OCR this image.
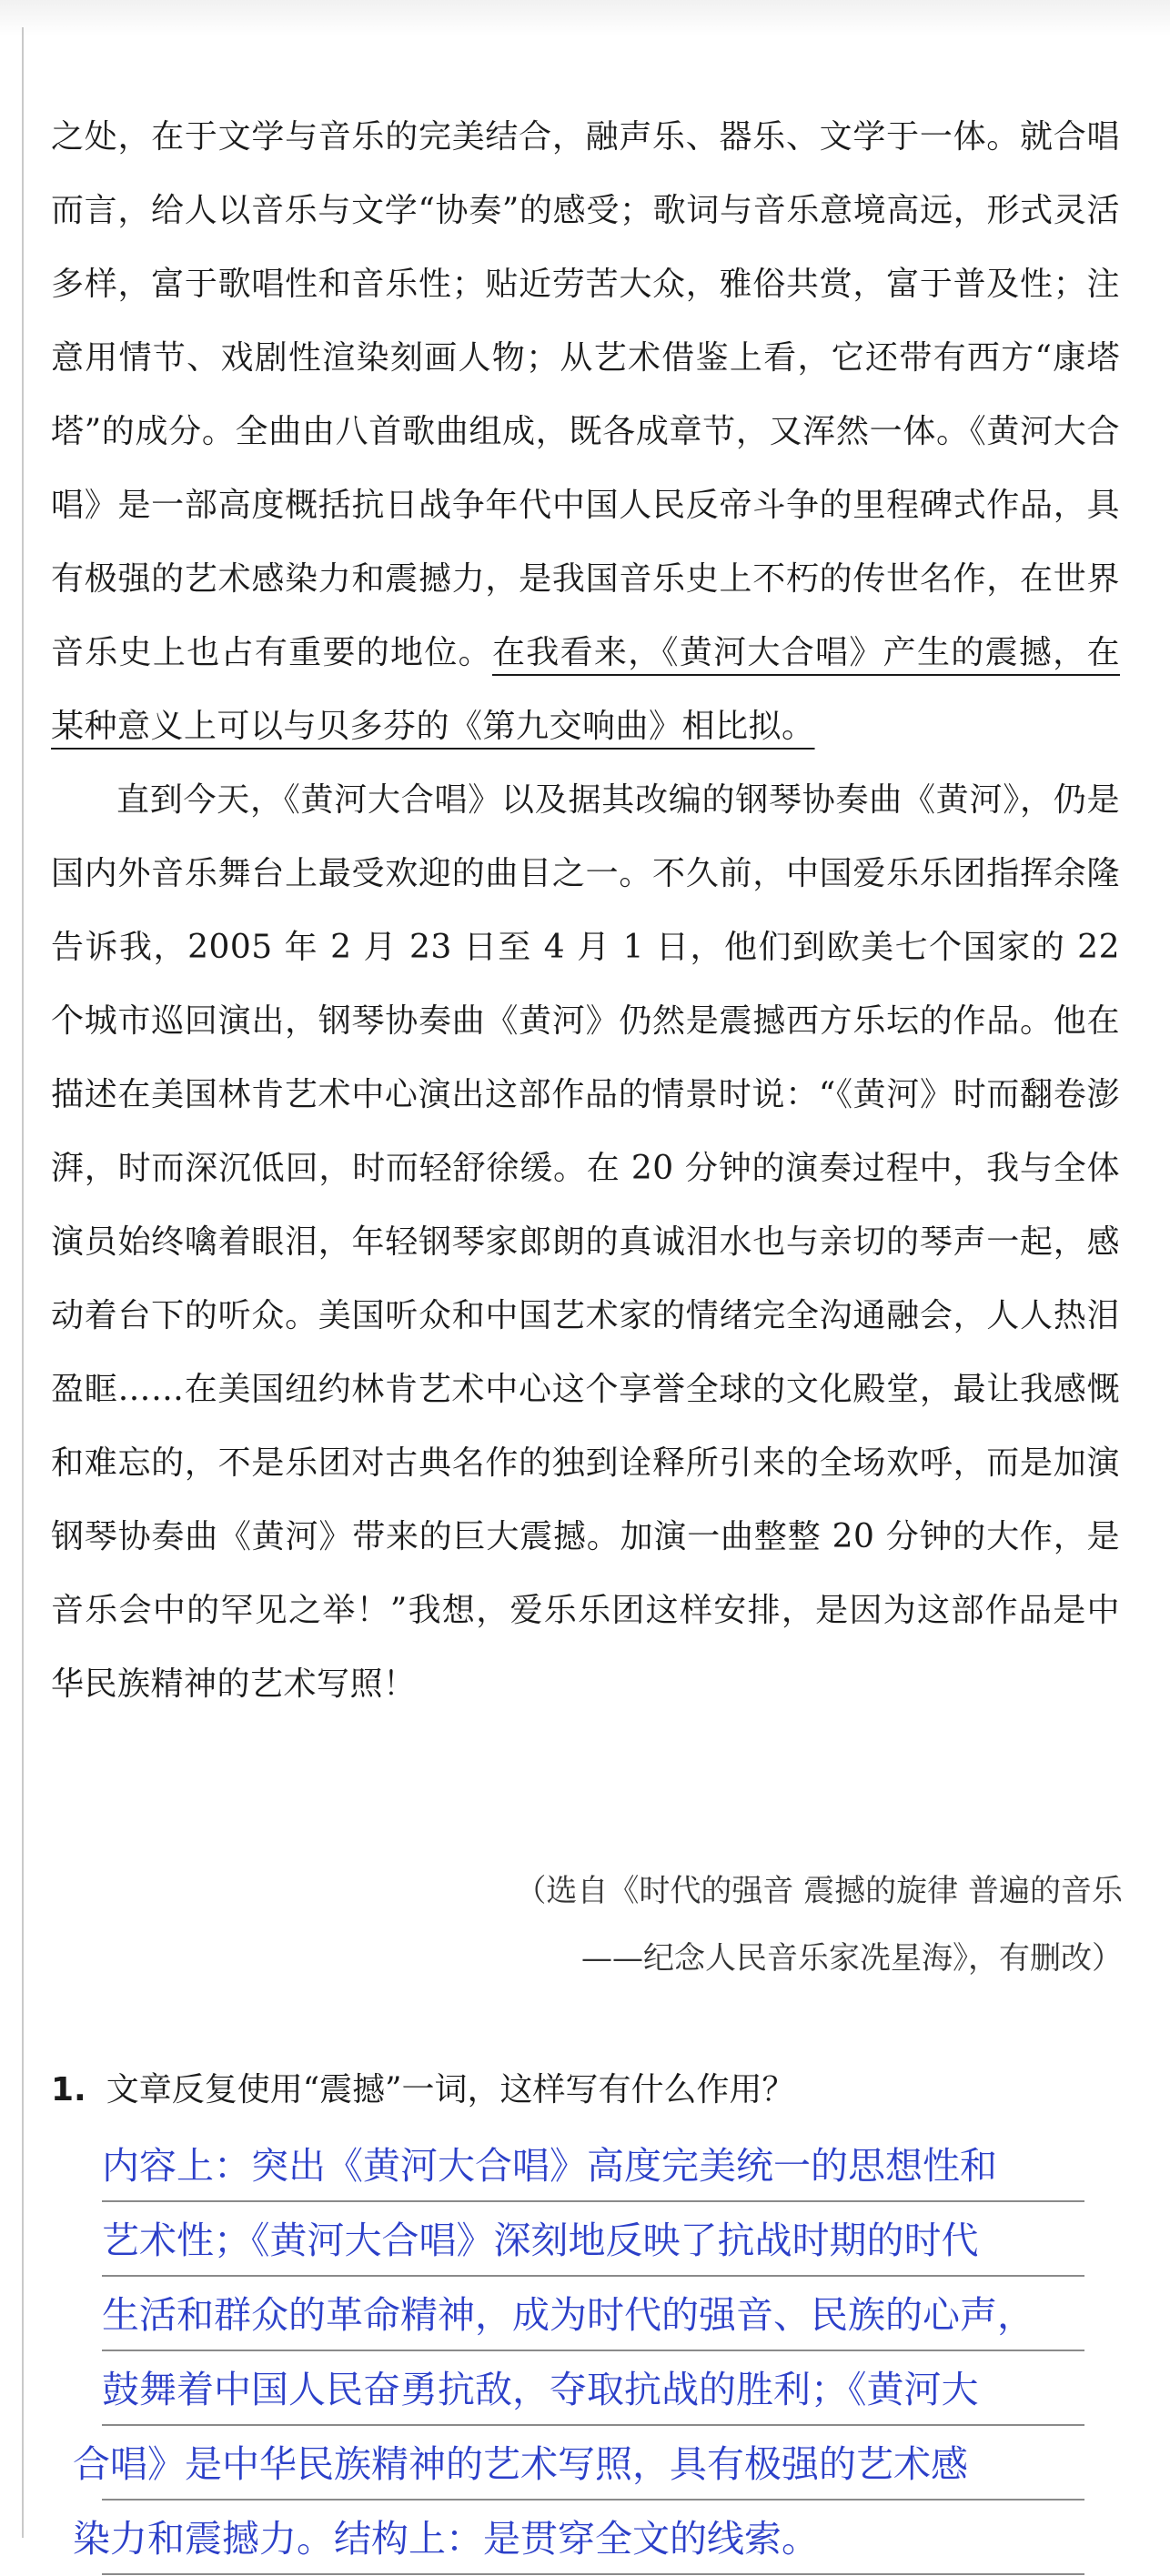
之处，在于文学与音乐的完美结合，融声乐、器乐、文学于一体。就合唱而言，给人以音乐与文学“协奏”的感受；歌词与音乐意境高远，形式灵活多样，富于歌唱性和音乐性；贴近劳苦大众，雅俗共赏，富于普及性；注意用情节、戏剧性渲染刻画人物；从艺术借鉴上看，它还带有西方“康塔塔”的成分。全曲由八首歌曲组成，既各成章节，又浑然一体。《黄河大合唱》是一部高度概括抗日战争年代中国人民反帝斗争的里程碑式作品，具有极强的艺术感染力和震撼力，是我国音乐史上不朽的传世名作，在世界音乐史上也占有重要的地位。在我看来，《黄河大合唱》产生的震撼，在某种意义上可以与贝多芬的《第九交响曲》相比拟。

直到今天，《黄河大合唱》以及据其改编的钢琴协奏曲《黄河》，仍是国内外音乐舞台上最受欢迎的曲目之一。不久前，中国爱乐乐团指挥余隆告诉我，2005 年 2 月 23 日至 4 月 1 日，他们到欧美七个国家的 22 个城市巡回演出，钢琴协奏曲《黄河》仍然是震撼西方乐坛的作品。他在描述在美国林肯艺术中心演出这部作品的情景时说：“《黄河》时而翻卷澎湃，时而深沉低回，时而轻舒徐缓。在 20 分钟的演奏过程中，我与全体演员始终噙着眼泪，年轻钢琴家郎朗的真诚泪水也与亲切的琴声一起，感动着台下的听众。美国听众和中国艺术家的情绪完全沟通融会，人人热泪盈眶……在美国纽约林肯艺术中心这个享誉全球的文化殿堂，最让我感慨和难忘的，不是乐团对古典名作的独到诠释所引来的全场欢呼，而是加演钢琴协奏曲《黄河》带来的巨大震撼。加演一曲整整 20 分钟的大作，是音乐会中的罕见之举！”我想，爱乐乐团这样安排，是因为这部作品是中华民族精神的艺术写照！

（选自《时代的强音 震撼的旋律 普遍的音乐
——纪念人民音乐家冼星海》，有删改）
1. 文章反复使用“震撼”一词，这样写有什么作用？
内容上：突出《黄河大合唱》高度完美统一的思想性和
艺术性；《黄河大合唱》深刻地反映了抗战时期的时代
生活和群众的革命精神，成为时代的强音、民族的心声，
鼓舞着中国人民奋勇抗敌，夺取抗战的胜利；《黄河大
合唱》是中华民族精神的艺术写照，具有极强的艺术感
染力和震撼力。结构上：是贯穿全文的线索。
